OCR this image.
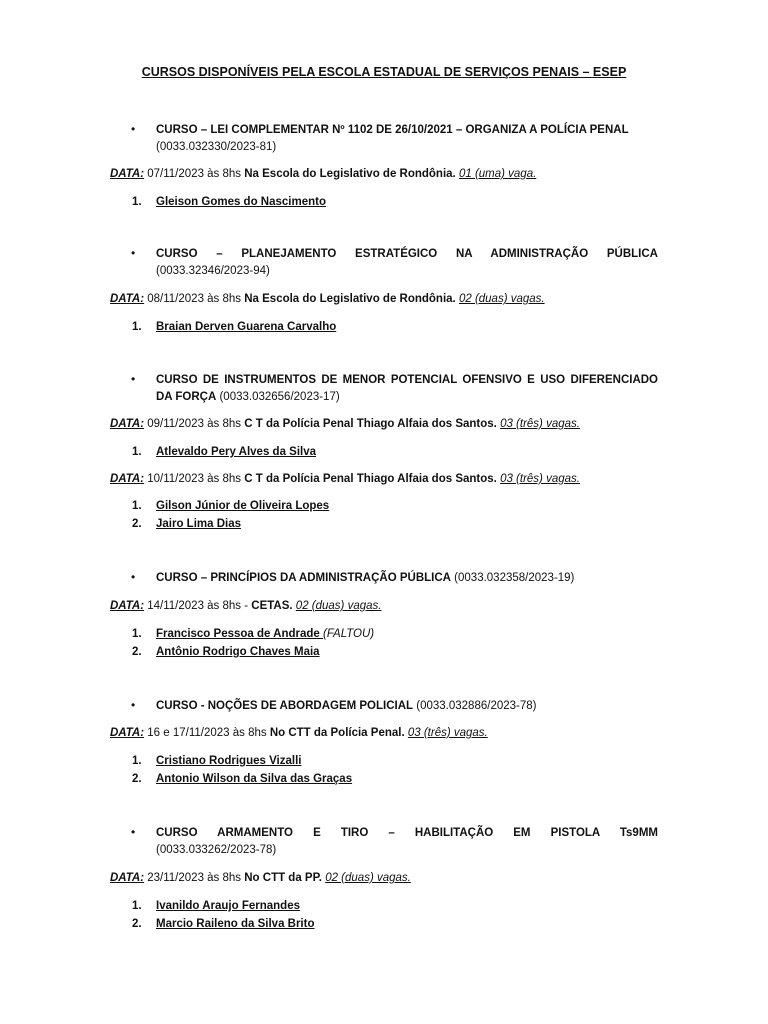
CURSOS DISPONÍVEIS PELA ESCOLA ESTADUAL DE SERVIÇOS PENAIS – ESEP
• CURSO – LEI COMPLEMENTAR Nº 1102 DE 26/10/2021 – ORGANIZA A POLÍCIA PENAL
(0033.032330/2023-81)
DATA: 07/11/2023 às 8hs Na Escola do Legislativo de Rondônia. 01 (uma) vaga.
1. Gleison Gomes do Nascimento
• CURSO – PLANEJAMENTO ESTRATÉGICO NA ADMINISTRAÇÃO PÚBLICA
(0033.32346/2023-94)
DATA: 08/11/2023 às 8hs Na Escola do Legislativo de Rondônia. 02 (duas) vagas.
1. Braian Derven Guarena Carvalho
• CURSO DE INSTRUMENTOS DE MENOR POTENCIAL OFENSIVO E USO DIFERENCIADO DA FORÇA (0033.032656/2023-17)
DATA: 09/11/2023 às 8hs C T da Polícia Penal Thiago Alfaia dos Santos. 03 (três) vagas.
1. Atlevaldo Pery Alves da Silva
DATA: 10/11/2023 às 8hs C T da Polícia Penal Thiago Alfaia dos Santos. 03 (três) vagas.
1. Gilson Júnior de Oliveira Lopes
2. Jairo Lima Dias
• CURSO – PRINCÍPIOS DA ADMINISTRAÇÃO PÚBLICA (0033.032358/2023-19)
DATA: 14/11/2023 às 8hs - CETAS. 02 (duas) vagas.
1. Francisco Pessoa de Andrade (FALTOU)
2. Antônio Rodrigo Chaves Maia
• CURSO - NOÇÕES DE ABORDAGEM POLICIAL (0033.032886/2023-78)
DATA: 16 e 17/11/2023 às 8hs No CTT da Polícia Penal. 03 (três) vagas.
1. Cristiano Rodrigues Vizalli
2. Antonio Wilson da Silva das Graças
• CURSO ARMAMENTO E TIRO – HABILITAÇÃO EM PISTOLA Ts9MM
(0033.033262/2023-78)
DATA: 23/11/2023 às 8hs No CTT da PP. 02 (duas) vagas.
1. Ivanildo Araujo Fernandes
2. Marcio Raileno da Silva Brito
